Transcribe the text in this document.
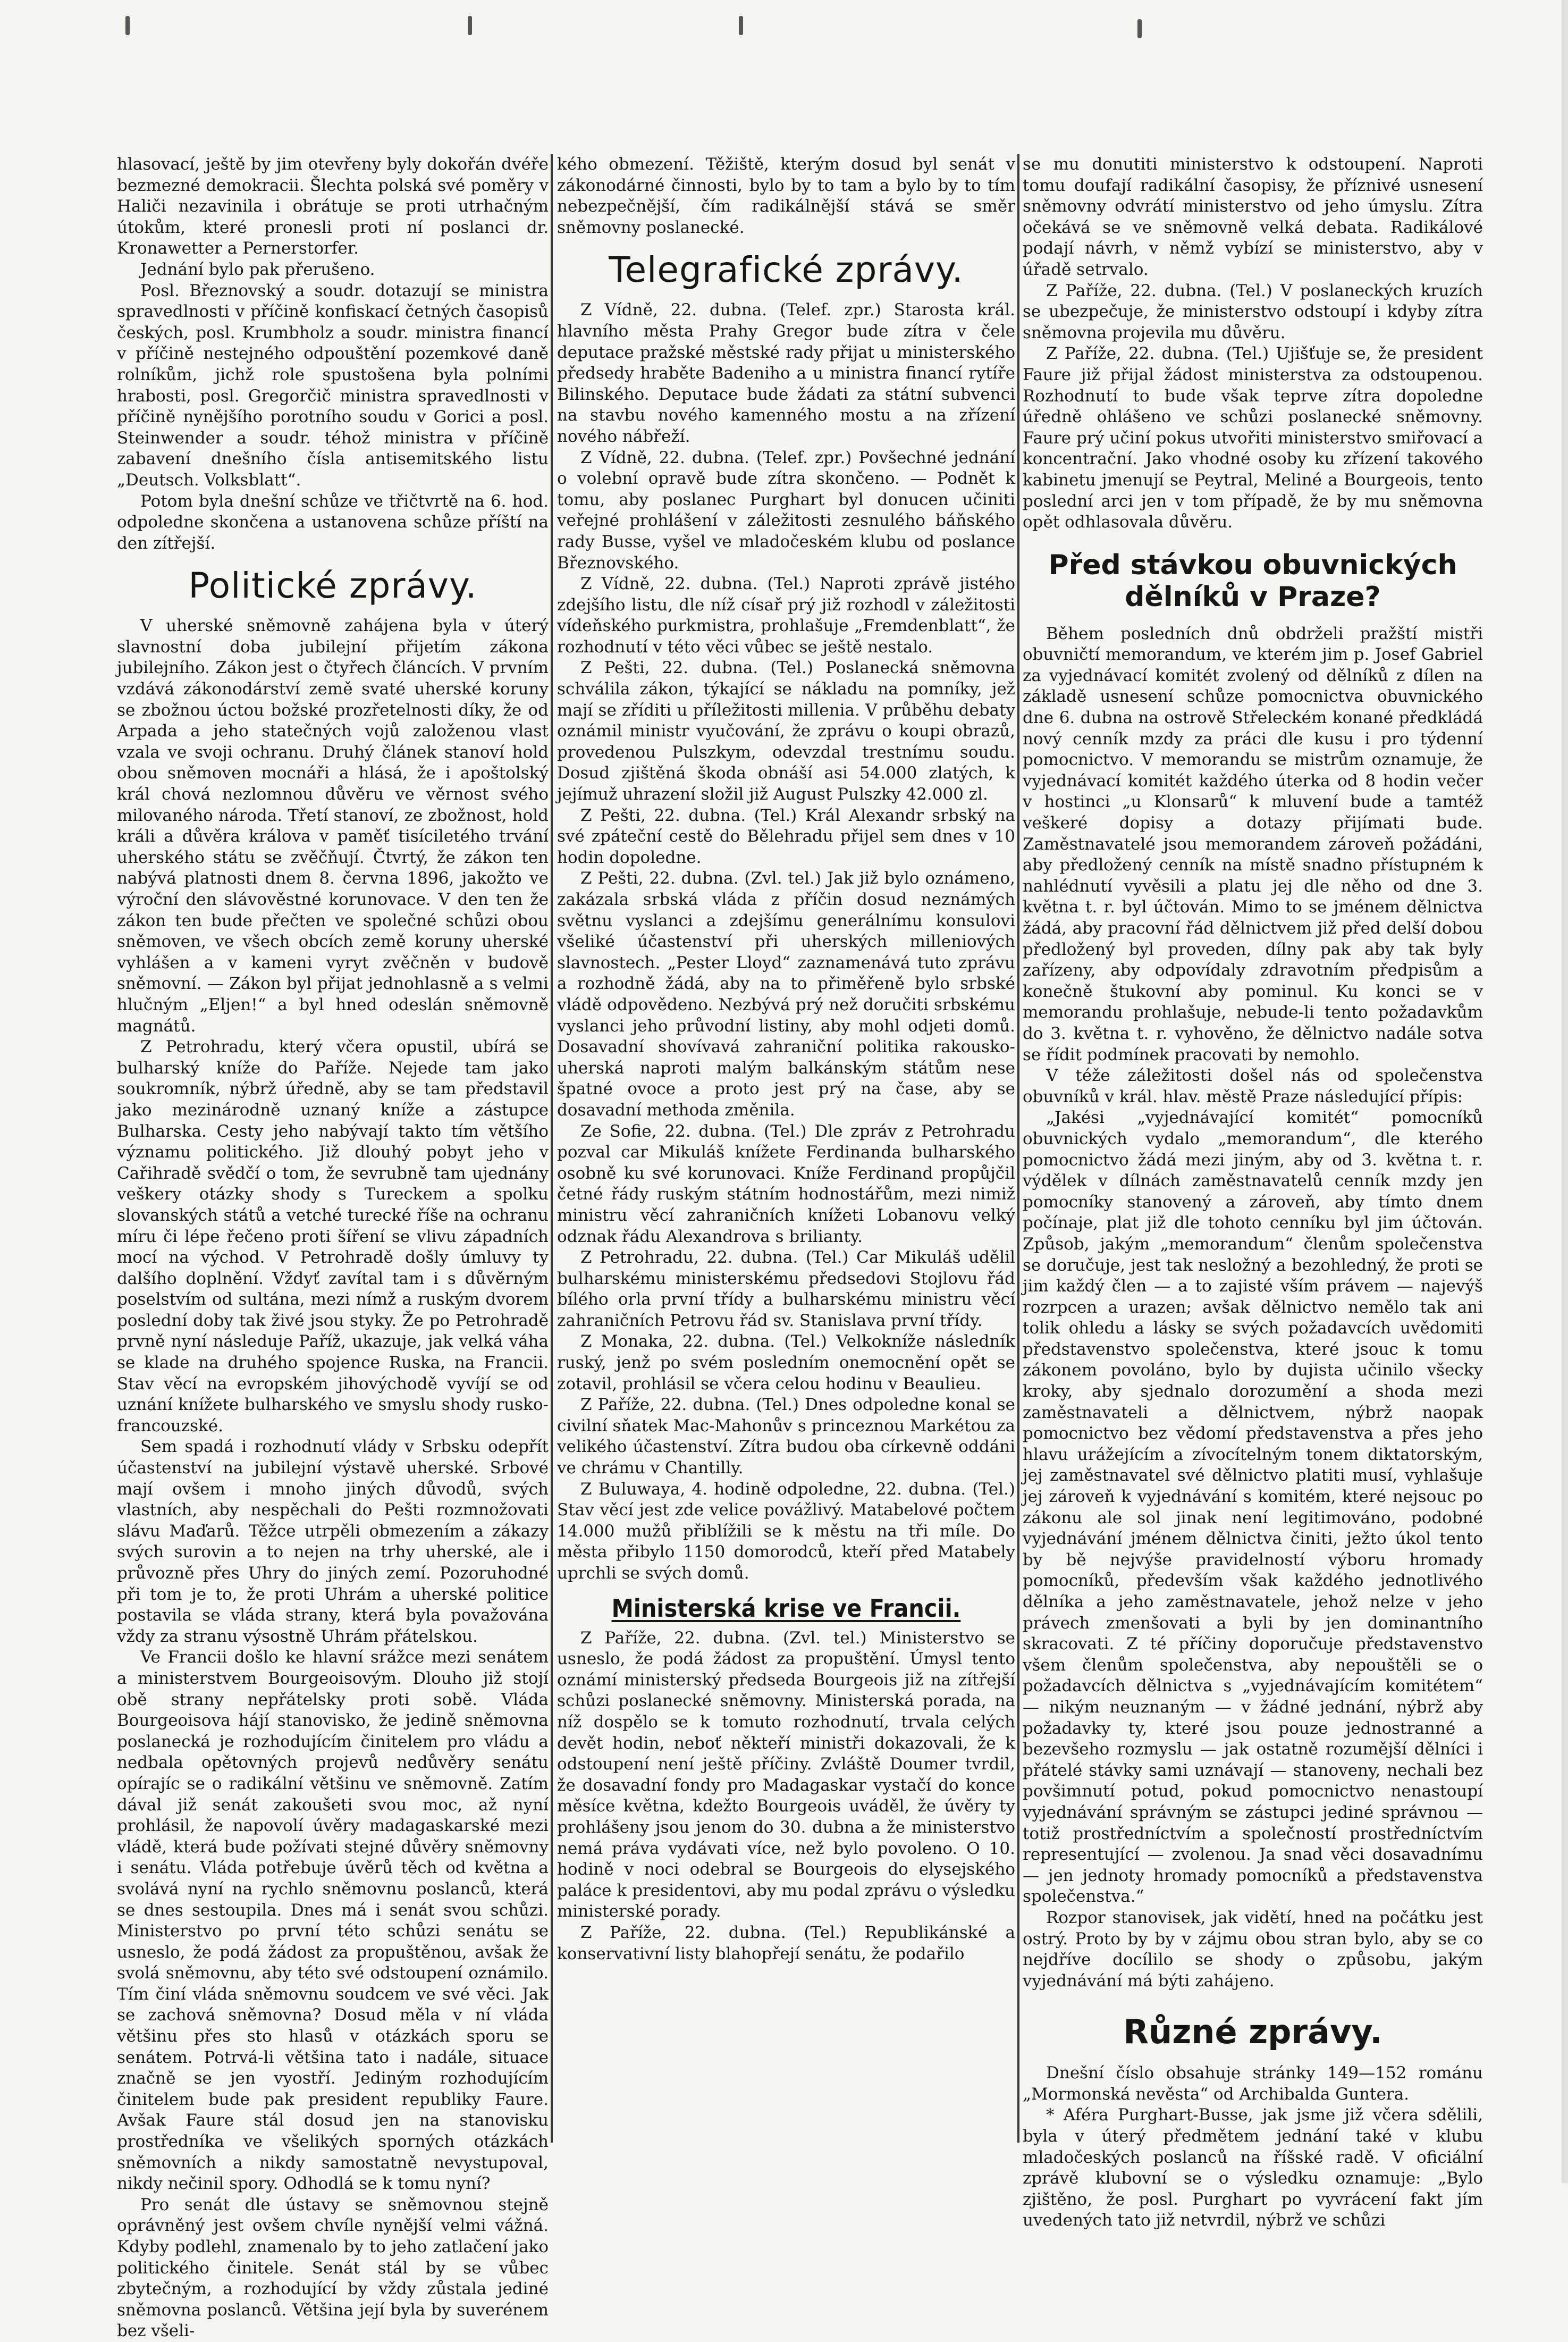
hlasovací, ještě by jim otevřeny byly dokořán dvéře bezmezné demokracii. Šlechta polská své poměry v Haliči nezavinila i obrátuje se proti utrhačným útokům, které pronesli proti ní poslanci dr. Kronawetter a Pernerstorfer.

Jednání bylo pak přerušeno.

Posl. Březnovský a soudr. dotazují se ministra spravedlnosti v příčině konfiskací četných časopisů českých, posl. Krumbholz a soudr. ministra financí v příčině nestejného odpouštění pozemkové daně rolníkům, jichž role spustošena byla polními hrabosti, posl. Gregorčič ministra spravedlnosti v příčině nynějšího porotního soudu v Gorici a posl. Steinwender a soudr. téhož ministra v příčině zabavení dnešního čísla antisemitského listu „Deutsch. Volksblatt“.

Potom byla dnešní schůze ve třičtvrtě na 6. hod. odpoledne skončena a ustanovena schůze příští na den zítřejší.

Politické zprávy.

V uherské sněmovně zahájena byla v úterý slavnostní doba jubilejní přijetím zákona jubilejního. Zákon jest o čtyřech článcích. V prvním vzdává zákonodárství země svaté uherské koruny se zbožnou úctou božské prozřetelnosti díky, že od Arpada a jeho statečných vojů založenou vlast vzala ve svoji ochranu. Druhý článek stanoví hold obou sněmoven mocnáři a hlásá, že i apoštolský král chová nezlomnou důvěru ve věrnost svého milovaného národa. Třetí stanoví, ze zbožnost, hold králi a důvěra králova v paměť tisíciletého trvání uherského státu se zvěčňují. Čtvrtý, že zákon ten nabývá platnosti dnem 8. června 1896, jakožto ve výroční den slávověstné korunovace. V den ten že zákon ten bude přečten ve společné schůzi obou sněmoven, ve všech obcích země koruny uherské vyhlášen a v kameni vyryt zvěčněn v budově sněmovní. — Zákon byl přijat jednohlasně a s velmi hlučným „Eljen!“ a byl hned odeslán sněmovně magnátů.

Z Petrohradu, který včera opustil, ubírá se bulharský kníže do Paříže. Nejede tam jako soukromník, nýbrž úředně, aby se tam představil jako mezinárodně uznaný kníže a zástupce Bulharska. Cesty jeho nabývají takto tím většího významu politického. Již dlouhý pobyt jeho v Cařihradě svědčí o tom, že sevrubně tam ujednány veškery otázky shody s Tureckem a spolku slovanských států a vetché turecké říše na ochranu míru či lépe řečeno proti šíření se vlivu západních mocí na východ. V Petrohradě došly úmluvy ty dalšího doplnění. Vždyť zavítal tam i s důvěrným poselstvím od sultána, mezi nímž a ruským dvorem poslední doby tak živé jsou styky. Že po Petrohradě prvně nyní následuje Paříž, ukazuje, jak velká váha se klade na druhého spojence Ruska, na Francii. Stav věcí na evropském jihovýchodě vyvíjí se od uznání knížete bulharského ve smyslu shody rusko-francouzské.

Sem spadá i rozhodnutí vlády v Srbsku odepřít účastenství na jubilejní výstavě uherské. Srbové mají ovšem i mnoho jiných důvodů, svých vlastních, aby nespěchali do Pešti rozmnožovati slávu Maďarů. Těžce utrpěli obmezením a zákazy svých surovin a to nejen na trhy uherské, ale i průvozně přes Uhry do jiných zemí. Pozoruhodné při tom je to, že proti Uhrám a uherské politice postavila se vláda strany, která byla považována vždy za stranu výsostně Uhrám přátelskou.

Ve Francii došlo ke hlavní srážce mezi senátem a ministerstvem Bourgeoisovým. Dlouho již stojí obě strany nepřátelsky proti sobě. Vláda Bourgeoisova hájí stanovisko, že jedině sněmovna poslanecká je rozhodujícím činitelem pro vládu a nedbala opětovných projevů nedůvěry senátu opírajíc se o radikální většinu ve sněmovně. Zatím dával již senát zakoušeti svou moc, až nyní prohlásil, že napovolí úvěry madagaskarské mezi vládě, která bude požívati stejné důvěry sněmovny i senátu. Vláda potřebuje úvěrů těch od května a svolává nyní na rychlo sněmovnu poslanců, která se dnes sestoupila. Dnes má i senát svou schůzi. Ministerstvo po první této schůzi senátu se usneslo, že podá žádost za propuštěnou, avšak že svolá sněmovnu, aby této své odstoupení oznámilo. Tím činí vláda sněmovnu soudcem ve své věci. Jak se zachová sněmovna? Dosud měla v ní vláda většinu přes sto hlasů v otázkách sporu se senátem. Potrvá-li většina tato i nadále, situace značně se jen vyostří. Jediným rozhodujícím činitelem bude pak president republiky Faure. Avšak Faure stál dosud jen na stanovisku prostředníka ve všelikých sporných otázkách sněmovních a nikdy samostatně nevystupoval, nikdy nečinil spory. Odhodlá se k tomu nyní?

Pro senát dle ústavy se sněmovnou stejně oprávněný jest ovšem chvíle nynější velmi vážná. Kdyby podlehl, znamenalo by to jeho zatlačení jako politického činitele. Senát stál by se vůbec zbytečným, a rozhodující by vždy zůstala jediné sněmovna poslanců. Většina její byla by suverénem bez všeli-

kého obmezení. Těžiště, kterým dosud byl senát v zákonodárné činnosti, bylo by to tam a bylo by to tím nebezpečnější, čím radikálnější stává se směr sněmovny poslanecké.

Telegrafické zprávy.

Z Vídně, 22. dubna. (Telef. zpr.) Starosta král. hlavního města Prahy Gregor bude zítra v čele deputace pražské městské rady přijat u ministerského předsedy hraběte Badeniho a u ministra financí rytíře Bilinského. Deputace bude žádati za státní subvenci na stavbu nového kamenného mostu a na zřízení nového nábřeží.

Z Vídně, 22. dubna. (Telef. zpr.) Povšechné jednání o volební opravě bude zítra skončeno. — Podnět k tomu, aby poslanec Purghart byl donucen učiniti veřejné prohlášení v záležitosti zesnulého báňského rady Busse, vyšel ve mladočeském klubu od poslance Březnovského.

Z Vídně, 22. dubna. (Tel.) Naproti zprávě jistého zdejšího listu, dle níž císař prý již rozhodl v záležitosti vídeňského purkmistra, prohlašuje „Fremdenblatt“, že rozhodnutí v této věci vůbec se ještě nestalo.

Z Pešti, 22. dubna. (Tel.) Poslanecká sněmovna schválila zákon, týkající se nákladu na pomníky, jež mají se zříditi u příležitosti millenia. V průběhu debaty oznámil ministr vyučování, že zprávu o koupi obrazů, provedenou Pulszkym, odevzdal trestnímu soudu. Dosud zjištěná škoda obnáší asi 54.000 zlatých, k jejímuž uhrazení složil již August Pulszky 42.000 zl.

Z Pešti, 22. dubna. (Tel.) Král Alexandr srbský na své zpáteční cestě do Bělehradu přijel sem dnes v 10 hodin dopoledne.

Z Pešti, 22. dubna. (Zvl. tel.) Jak již bylo oznámeno, zakázala srbská vláda z příčin dosud neznámých světnu vyslanci a zdejšímu generálnímu konsulovi všeliké účastenství při uherských milleniových slavnostech. „Pester Lloyd“ zaznamenává tuto zprávu a rozhodně žádá, aby na to přiměřeně bylo srbské vládě odpovědeno. Nezbývá prý než doručiti srbskému vyslanci jeho průvodní listiny, aby mohl odjeti domů. Dosavadní shovívavá zahraniční politika rakousko-uherská naproti malým balkánským státům nese špatné ovoce a proto jest prý na čase, aby se dosavadní methoda změnila.

Ze Sofie, 22. dubna. (Tel.) Dle zpráv z Petrohradu pozval car Mikuláš knížete Ferdinanda bulharského osobně ku své korunovaci. Kníže Ferdinand propůjčil četné řády ruským státním hodnostářům, mezi nimiž ministru věcí zahraničních knížeti Lobanovu velký odznak řádu Alexandrova s brilianty.

Z Petrohradu, 22. dubna. (Tel.) Car Mikuláš udělil bulharskému ministerskému předsedovi Stojlovu řád bílého orla první třídy a bulharskému ministru věcí zahraničních Petrovu řád sv. Stanislava první třídy.

Z Monaka, 22. dubna. (Tel.) Velkokníže následník ruský, jenž po svém posledním onemocnění opět se zotavil, prohlásil se včera celou hodinu v Beaulieu.

Z Paříže, 22. dubna. (Tel.) Dnes odpoledne konal se civilní sňatek Mac-Mahonův s princeznou Markétou za velikého účastenství. Zítra budou oba církevně oddáni ve chrámu v Chantilly.

Z Buluwaya, 4. hodině odpoledne, 22. dubna. (Tel.) Stav věcí jest zde velice povážlivý. Matabelové počtem 14.000 mužů přiblížili se k městu na tři míle. Do města přibylo 1150 domorodců, kteří před Matabely uprchli se svých domů.

Ministerská krise ve Francii.

Z Paříže, 22. dubna. (Zvl. tel.) Ministerstvo se usneslo, že podá žádost za propuštění. Úmysl tento oznámí ministerský předseda Bourgeois již na zítřejší schůzi poslanecké sněmovny. Ministerská porada, na níž dospělo se k tomuto rozhodnutí, trvala celých devět hodin, neboť někteří ministři dokazovali, že k odstoupení není ještě příčiny. Zvláště Doumer tvrdil, že dosavadní fondy pro Madagaskar vystačí do konce měsíce května, kdežto Bourgeois uváděl, že úvěry ty prohlášeny jsou jenom do 30. dubna a že ministerstvo nemá práva vydávati více, než bylo povoleno. O 10. hodině v noci odebral se Bourgeois do elysejského paláce k presidentovi, aby mu podal zprávu o výsledku ministerské porady.

Z Paříže, 22. dubna. (Tel.) Republikánské a konservativní listy blahopřejí senátu, že podařilo

se mu donutiti ministerstvo k odstoupení. Naproti tomu doufají radikální časopisy, že příznivé usnesení sněmovny odvrátí ministerstvo od jeho úmyslu. Zítra očekává se ve sněmovně velká debata. Radikálové podají návrh, v němž vybízí se ministerstvo, aby v úřadě setrvalo.

Z Paříže, 22. dubna. (Tel.) V poslaneckých kruzích se ubezpečuje, že ministerstvo odstoupí i kdyby zítra sněmovna projevila mu důvěru.

Z Paříže, 22. dubna. (Tel.) Ujišťuje se, že president Faure již přijal žádost ministerstva za odstoupenou. Rozhodnutí to bude však teprve zítra dopoledne úředně ohlášeno ve schůzi poslanecké sněmovny. Faure prý učiní pokus utvořiti ministerstvo smiřovací a koncentrační. Jako vhodné osoby ku zřízení takového kabinetu jmenují se Peytral, Meliné a Bourgeois, tento poslední arci jen v tom případě, že by mu sněmovna opět odhlasovala důvěru.

Před stávkou obuvnických dělníků v Praze?

Během posledních dnů obdrželi pražští mistři obuvničtí memorandum, ve kterém jim p. Josef Gabriel za vyjednávací komitét zvolený od dělníků z dílen na základě usnesení schůze pomocnictva obuvnického dne 6. dubna na ostrově Střeleckém konané předkládá nový cenník mzdy za práci dle kusu i pro týdenní pomocnictvo. V memorandu se mistrům oznamuje, že vyjednávací komitét každého úterka od 8 hodin večer v hostinci „u Klonsarů“ k mluvení bude a tamtéž veškeré dopisy a dotazy přijímati bude. Zaměstnavatelé jsou memorandem zároveň požádáni, aby předložený cenník na místě snadno přístupném k nahlédnutí vyvěsili a platu jej dle něho od dne 3. května t. r. byl účtován. Mimo to se jménem dělnictva žádá, aby pracovní řád dělnictvem již před delší dobou předložený byl proveden, dílny pak aby tak byly zařízeny, aby odpovídaly zdravotním předpisům a konečně štukovní aby pominul. Ku konci se v memorandu prohlašuje, nebude-li tento požadavkům do 3. května t. r. vyhověno, že dělnictvo nadále sotva se řídit podmínek pracovati by nemohlo.

V téže záležitosti došel nás od společenstva obuvníků v král. hlav. městě Praze následující přípis:

„Jakési „vyjednávající komitét“ pomocníků obuvnických vydalo „memorandum“, dle kterého pomocnictvo žádá mezi jiným, aby od 3. května t. r. výdělek v dílnách zaměstnavatelů cenník mzdy jen pomocníky stanovený a zároveň, aby tímto dnem počínaje, plat již dle tohoto cenníku byl jim účtován. Způsob, jakým „memorandum“ členům společenstva se doručuje, jest tak nesložný a bezohledný, že proti se jim každý člen — a to zajisté vším právem — najevýš rozrpcen a urazen; avšak dělnictvo nemělo tak ani tolik ohledu a lásky se svých požadavcích uvědomiti představenstvo společenstva, které jsouc k tomu zákonem povoláno, bylo by dujista učinilo všecky kroky, aby sjednalo dorozumění a shoda mezi zaměstnavateli a dělnictvem, nýbrž naopak pomocnictvo bez vědomí představenstva a přes jeho hlavu urážejícím a zívocítelným tonem diktatorským, jej zaměstnavatel své dělnictvo platiti musí, vyhlašuje jej zároveň k vyjednávání s komitém, které nejsouc po zákonu ale sol jinak není legitimováno, podobné vyjednávání jménem dělnictva činiti, ježto úkol tento by bě nejvýše pravidelností výboru hromady pomocníků, především však každého jednotlivého dělníka a jeho zaměstnavatele, jehož nelze v jeho právech zmenšovati a byli by jen dominantního skracovati. Z té příčiny doporučuje představenstvo všem členům společenstva, aby nepouštěli se o požadavcích dělnictva s „vyjednávajícím komitétem“ — nikým neuznaným — v žádné jednání, nýbrž aby požadavky ty, které jsou pouze jednostranné a bezevšeho rozmyslu — jak ostatně rozumější dělníci i přátelé stávky sami uznávají — stanoveny, nechali bez povšimnutí potud, pokud pomocnictvo nenastoupí vyjednávání správným se zástupci jediné správnou — totiž prostředníctvím a společností prostředníctvím representující — zvolenou. Ja snad věci dosavadnímu — jen jednoty hromady pomocníků a představenstva společenstva.“

Rozpor stanovisek, jak vidětí, hned na počátku jest ostrý. Proto by by v zájmu obou stran bylo, aby se co nejdříve docílilo se shody o způsobu, jakým vyjednávání má býti zahájeno.

Různé zprávy.

Dnešní číslo obsahuje stránky 149—152 románu „Mormonská nevěsta“ od Archibalda Guntera.

* Aféra Purghart-Busse, jak jsme již včera sdělili, byla v úterý předmětem jednání také v klubu mladočeských poslanců na říšské radě. V oficiální zprávě klubovní se o výsledku oznamuje: „Bylo zjištěno, že posl. Purghart po vyvrácení fakt jím uvedených tato již netvrdil, nýbrž ve schůzi
